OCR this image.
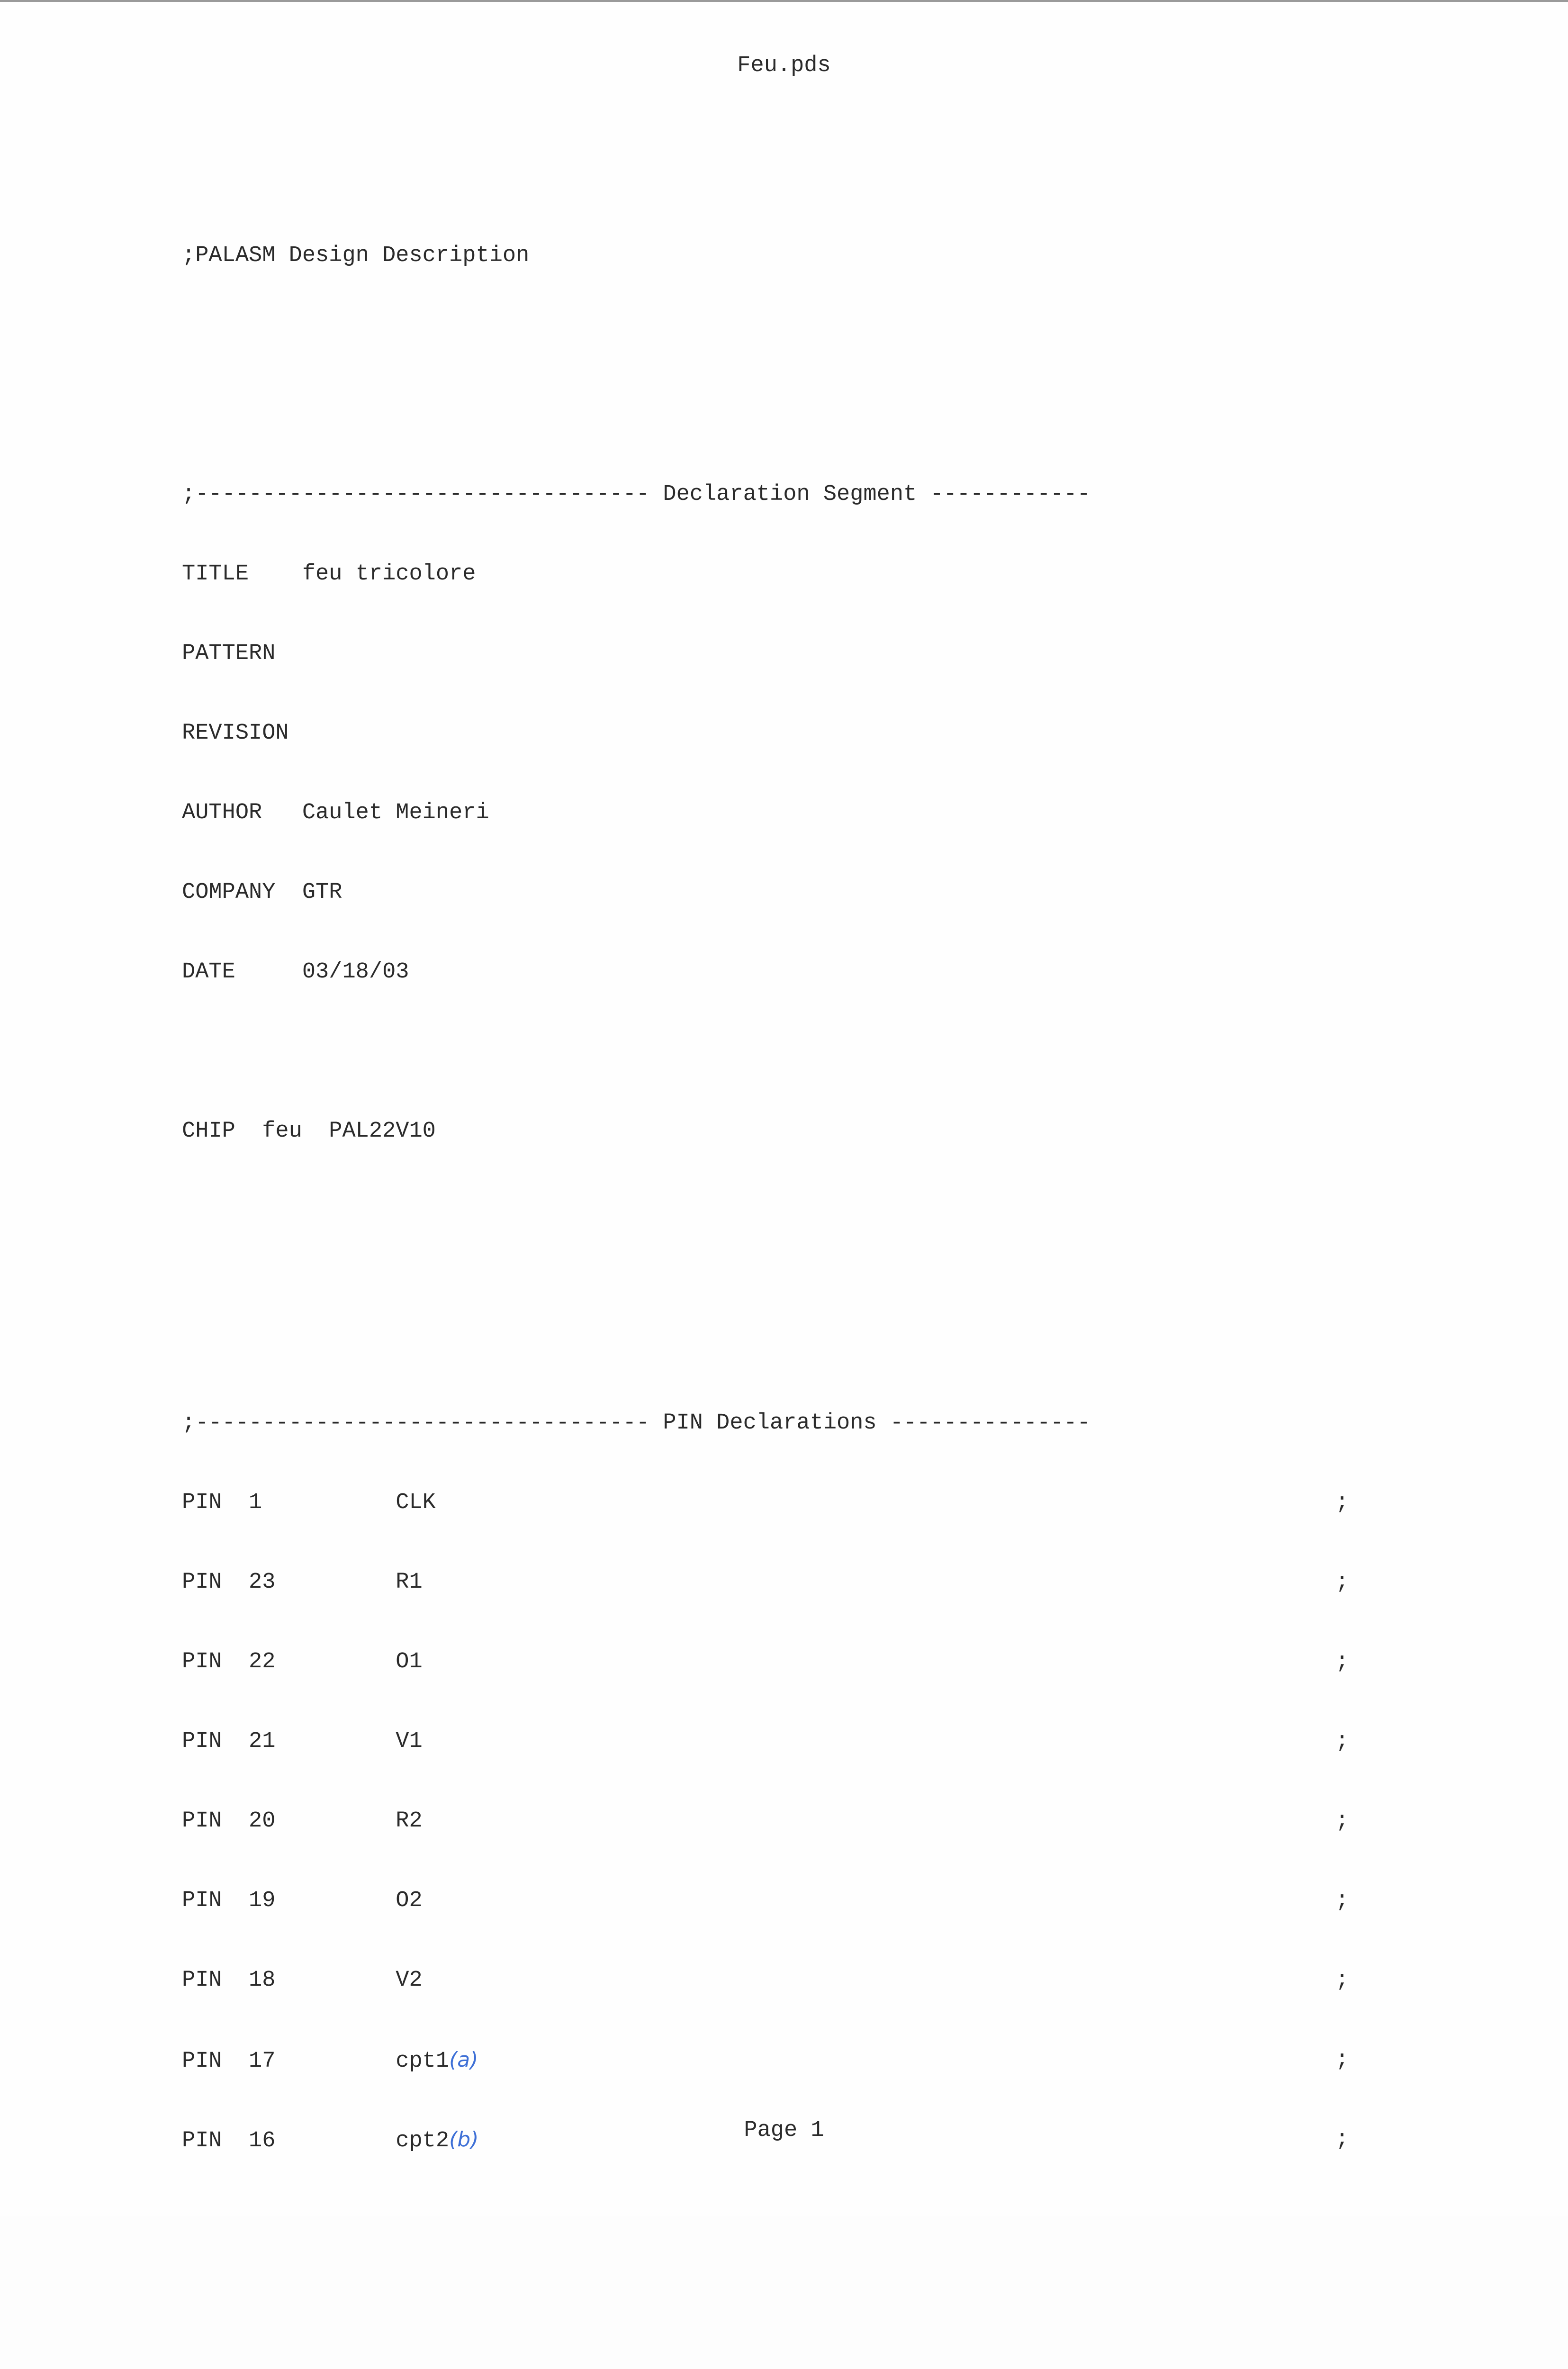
Feu.pds

;PALASM Design Description

;---------------------------------- Declaration Segment ------------

TITLE    feu tricolore

PATTERN

REVISION

AUTHOR   Caulet Meineri

COMPANY  GTR

DATE     03/18/03

CHIP  feu  PAL22V10

;---------------------------------- PIN Declarations ---------------

PIN  1          CLK	;

PIN  23         R1	;

PIN  22         O1	;

PIN  21         V1	;

PIN  20         R2	;

PIN  19         O2	;

PIN  18         V2	;

PIN  17         cpt1(a)	;

PIN  16         cpt2(b)	;

Page 1
